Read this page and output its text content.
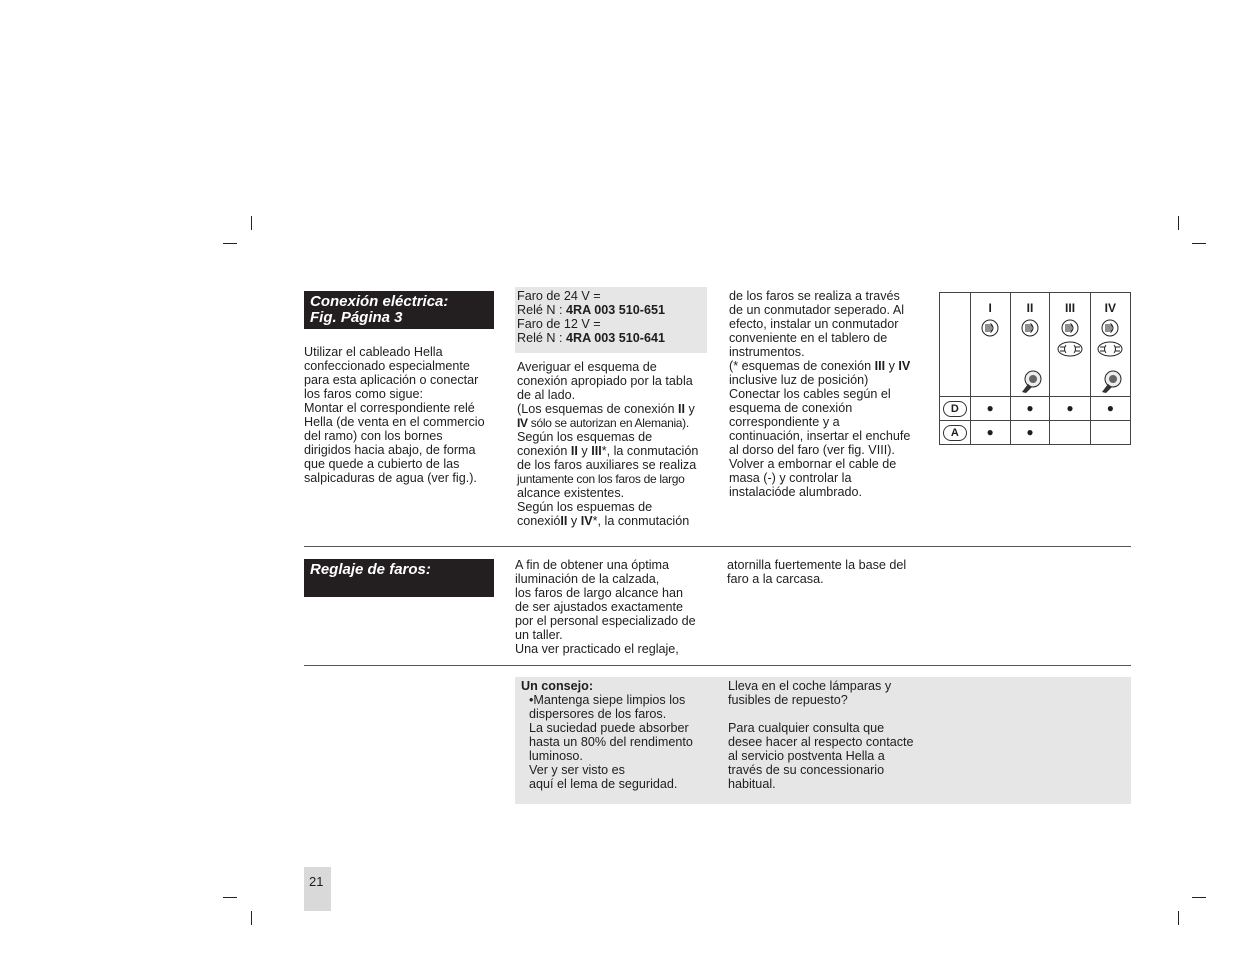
Conexión eléctrica:
Fig. Página 3

Utilizar el cableado Hella

confeccionado especialmente

para esta aplicación o conectar

los faros como sigue:

Montar el correspondiente relé

Hella (de venta en el commercio

del ramo) con los bornes

dirigidos hacia abajo, de forma

que quede a cubierto de las

salpicaduras de agua (ver fig.).

Faro de 24 V =

Relé N : 4RA 003 510-651

Faro de 12 V =

Relé N : 4RA 003 510-641

Averiguar el esquema de

conexión apropiado por la tabla

de al lado.

(Los esquemas de conexión II y

IV sólo se autorizan en Alemania).

Según los esquemas de

conexión II y III*, la conmutación

de los faros auxiliares se realiza

juntamente con los faros de largo

alcance existentes.

Según los espuemas de

conexióII y IV*, la conmutación

de los faros se realiza a través

de un conmutador seperado. Al

efecto, instalar un conmutador

conveniente en el tablero de

instrumentos.

(* esquemas de conexión III y IV

inclusive luz de posición)

Conectar los cables según el

esquema de conexión

correspondiente y a

continuación, insertar el enchufe

al dorso del faro (ver fig. VIII).

Volver a embornar el cable de

masa (-) y controlar la

instalacióde alumbrado.

	I	II	III	IV

D	●	●	●	●
A	●	●		
Reglaje de faros:	A fin de obtener una óptima

iluminación de la calzada,

los faros de largo alcance han

de ser ajustados exactamente

por el personal especializado de

un taller.

Una ver practicado el reglaje,

atornilla fuertemente la base del

faro a la carcasa.

Un consejo:

•Mantenga siepe limpios los

dispersores de los faros.

La suciedad puede absorber

hasta un 80% del rendimento

luminoso.

Ver y ser visto es

aquí el lema de seguridad.

Lleva en el coche lámparas y

fusibles de repuesto?

Para cualquier consulta que

desee hacer al respecto contacte

al servicio postventa Hella a

través de su concessionario

habitual.

21
